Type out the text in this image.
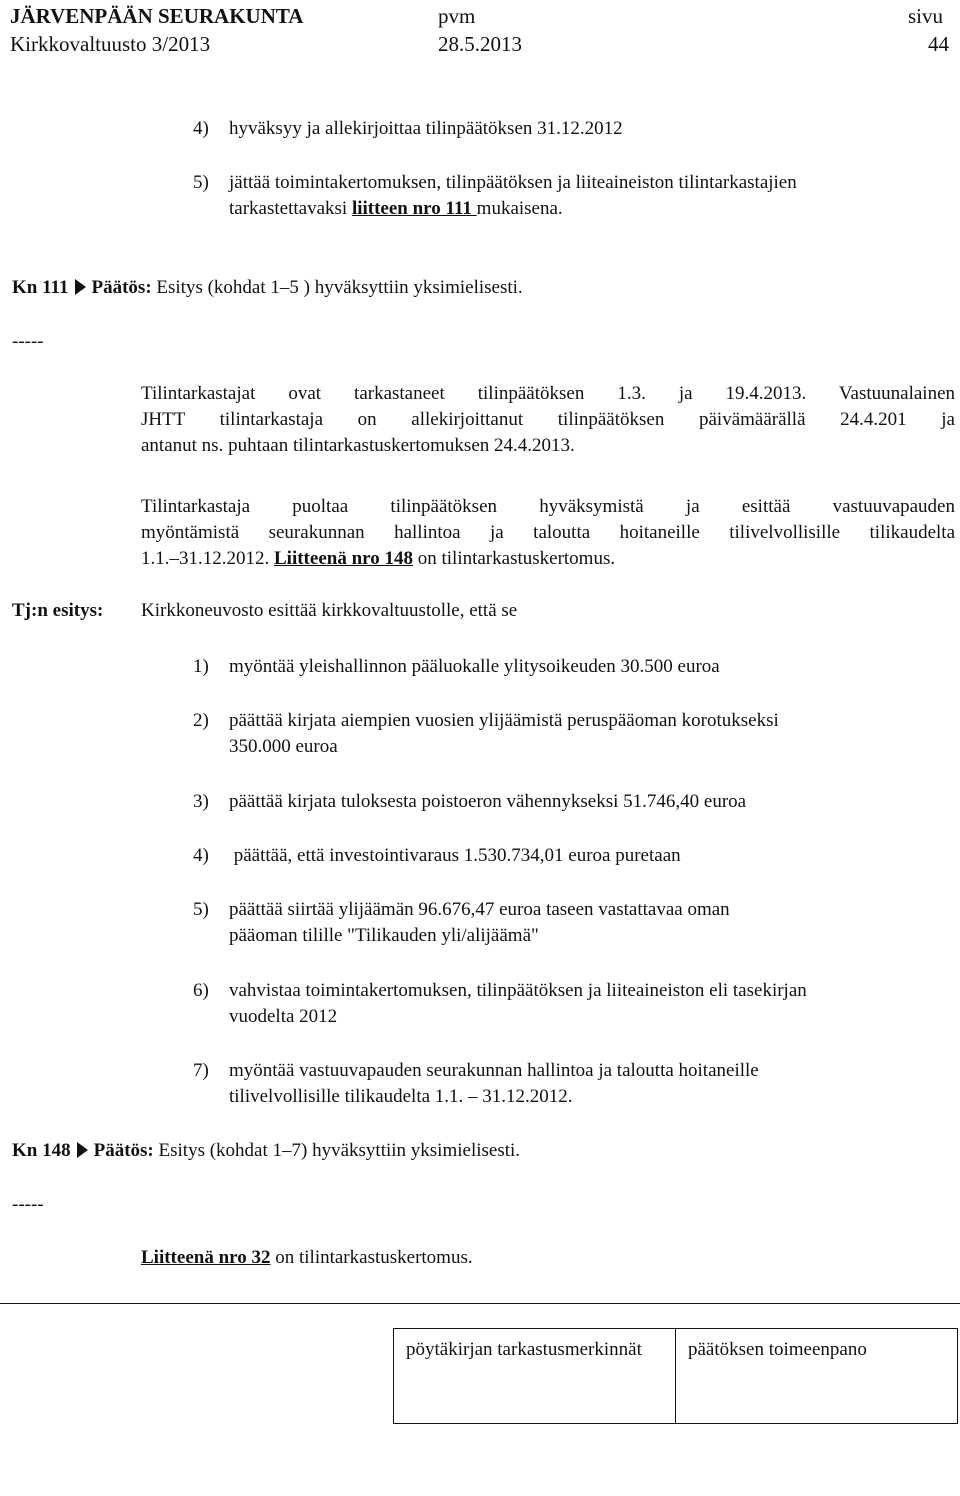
JÄRVENPÄÄN SEURAKUNTA
Kirkkovaltuusto 3/2013
pvm
28.5.2013
sivu
44
4) hyväksyy ja allekirjoittaa tilinpäätöksen 31.12.2012
5) jättää toimintakertomuksen, tilinpäätöksen ja liiteaineiston tilintarkastajien
tarkastettavaksi liitteen nro 111 mukaisena.
Kn 111 Päätös: Esitys (kohdat 1–5 ) hyväksyttiin yksimielisesti.
-----
Tilintarkastajat ovat tarkastaneet tilinpäätöksen 1.3. ja 19.4.2013. Vastuunalainen
JHTT tilintarkastaja on allekirjoittanut tilinpäätöksen päivämäärällä 24.4.201 ja
antanut ns. puhtaan tilintarkastuskertomuksen 24.4.2013.
Tilintarkastaja puoltaa tilinpäätöksen hyväksymistä ja esittää vastuuvapauden
myöntämistä seurakunnan hallintoa ja taloutta hoitaneille tilivelvollisille tilikaudelta
1.1.–31.12.2012. Liitteenä nro 148 on tilintarkastuskertomus.
Tj:n esitys: Kirkkoneuvosto esittää kirkkovaltuustolle, että se
1) myöntää yleishallinnon pääluokalle ylitysoikeuden 30.500 euroa
2) päättää kirjata aiempien vuosien ylijäämistä peruspääoman korotukseksi
350.000 euroa
3) päättää kirjata tuloksesta poistoeron vähennykseksi 51.746,40 euroa
4) päättää, että investointivaraus 1.530.734,01 euroa puretaan
5) päättää siirtää ylijäämän 96.676,47 euroa taseen vastattavaa oman
pääoman tilille "Tilikauden yli/alijäämä"
6) vahvistaa toimintakertomuksen, tilinpäätöksen ja liiteaineiston eli tasekirjan
vuodelta 2012
7) myöntää vastuuvapauden seurakunnan hallintoa ja taloutta hoitaneille
tilivelvollisille tilikaudelta 1.1. – 31.12.2012.
Kn 148 Päätös: Esitys (kohdat 1–7) hyväksyttiin yksimielisesti.
-----
Liitteenä nro 32 on tilintarkastuskertomus.
pöytäkirjan tarkastusmerkinnät	päätöksen toimeenpano
